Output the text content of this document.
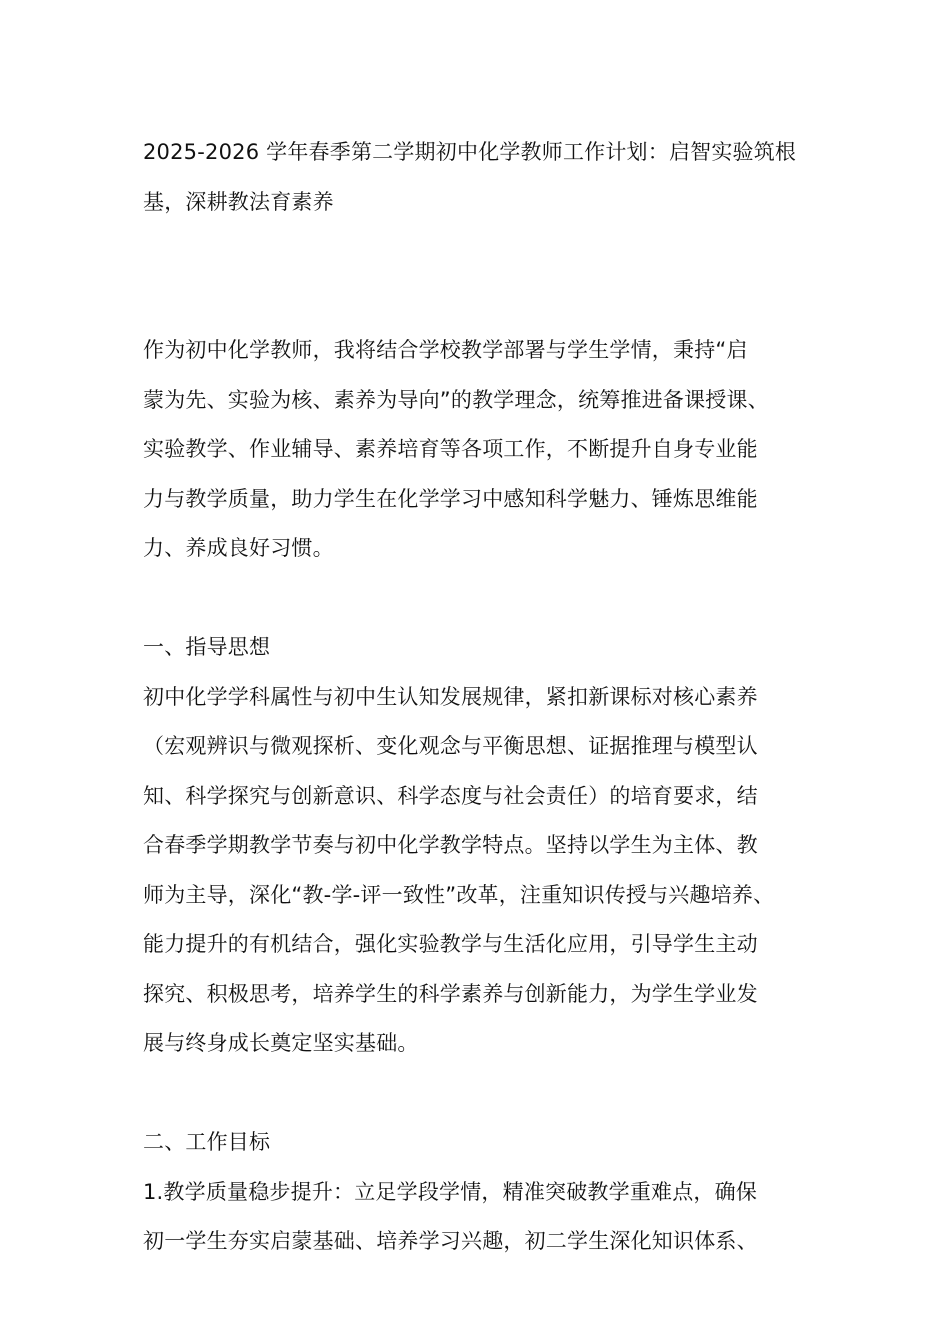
2025-2026 学年春季第二学期初中化学教师工作计划：启智实验筑根
基，深耕教法育素养
作为初中化学教师，我将结合学校教学部署与学生学情，秉持“启
蒙为先、实验为核、素养为导向”的教学理念，统筹推进备课授课、
实验教学、作业辅导、素养培育等各项工作，不断提升自身专业能
力与教学质量，助力学生在化学学习中感知科学魅力、锤炼思维能
力、养成良好习惯。
一、指导思想
初中化学学科属性与初中生认知发展规律，紧扣新课标对核心素养
（宏观辨识与微观探析、变化观念与平衡思想、证据推理与模型认
知、科学探究与创新意识、科学态度与社会责任）的培育要求，结
合春季学期教学节奏与初中化学教学特点。坚持以学生为主体、教
师为主导，深化“教-学-评一致性”改革，注重知识传授与兴趣培养、
能力提升的有机结合，强化实验教学与生活化应用，引导学生主动
探究、积极思考，培养学生的科学素养与创新能力，为学生学业发
展与终身成长奠定坚实基础。
二、工作目标
1.教学质量稳步提升：立足学段学情，精准突破教学重难点，确保
初一学生夯实启蒙基础、培养学习兴趣，初二学生深化知识体系、
